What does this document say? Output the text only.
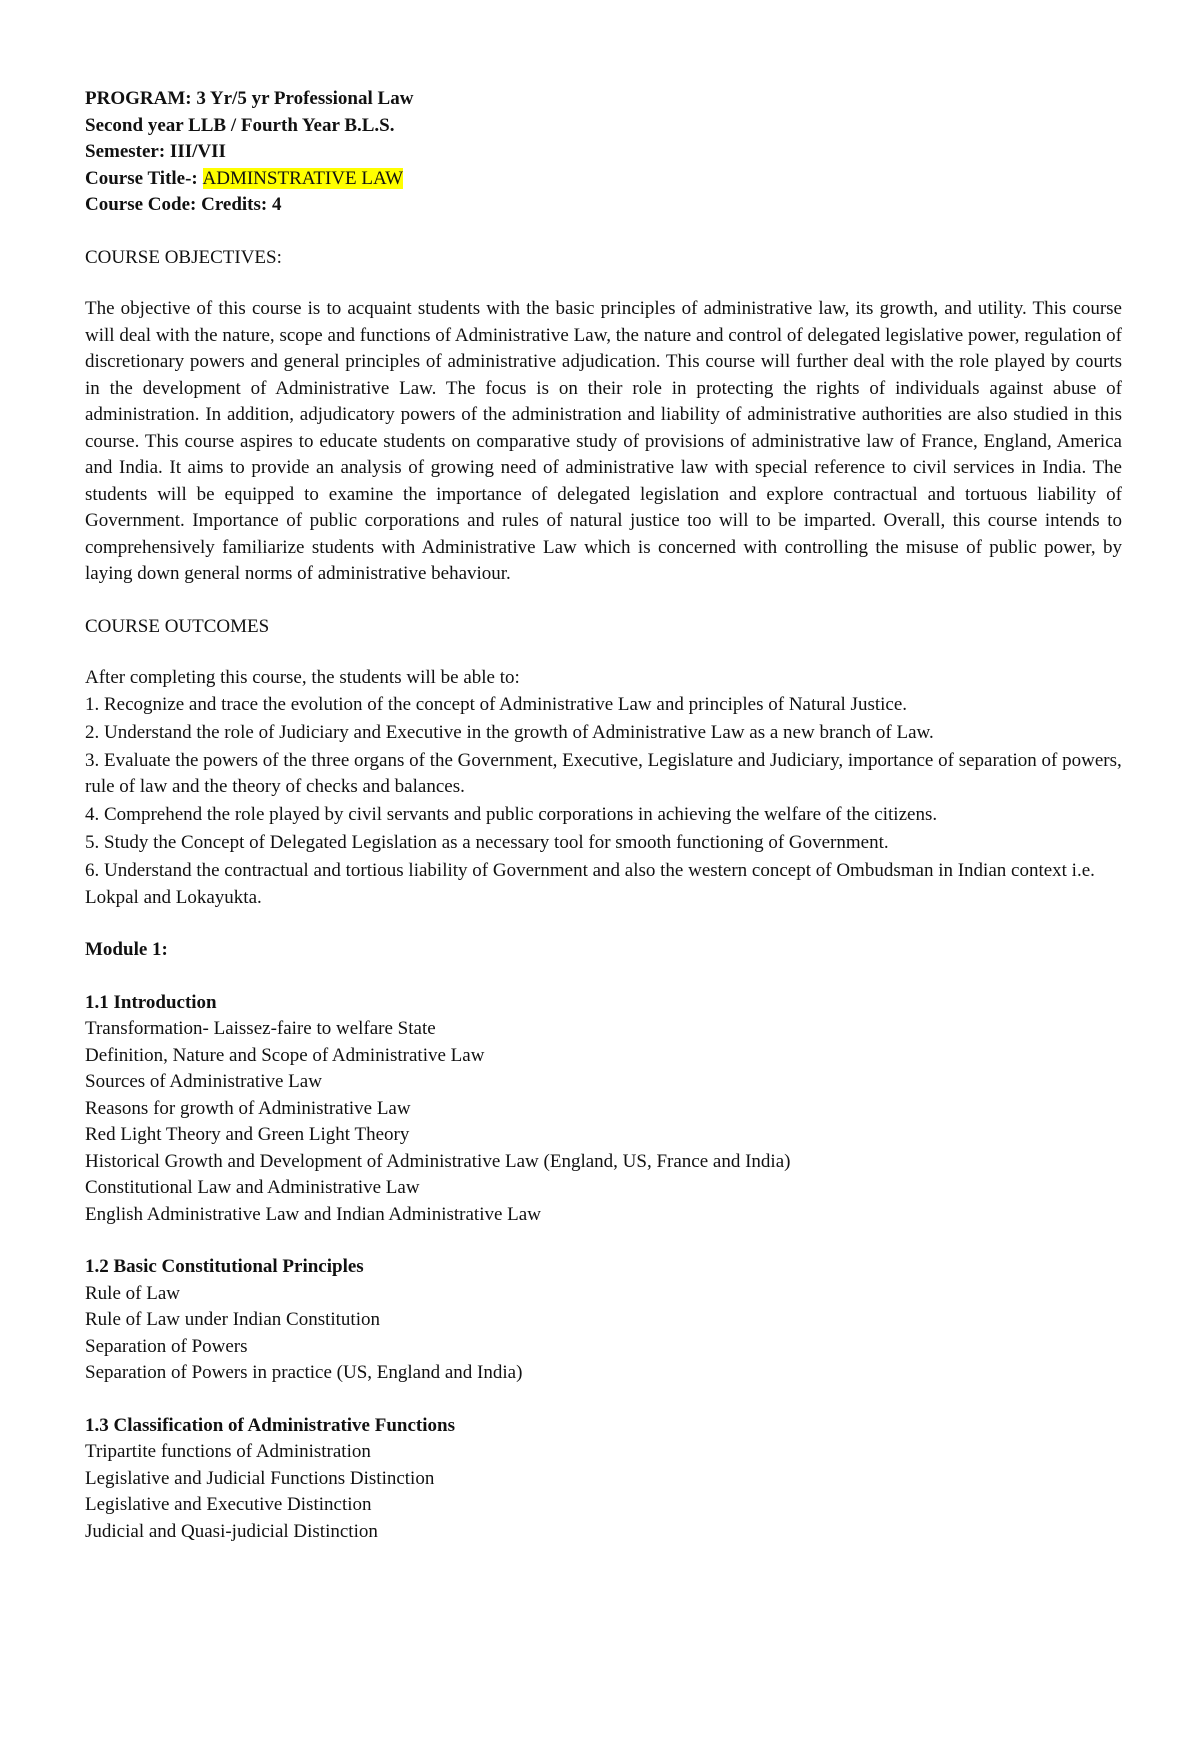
PROGRAM: 3 Yr/5 yr Professional Law

Second year LLB / Fourth Year B.L.S.

Semester: III/VII

Course Title-: ADMINSTRATIVE LAW

Course Code: Credits: 4

COURSE OBJECTIVES:

The objective of this course is to acquaint students with the basic principles of administrative law, its growth, and utility. This course will deal with the nature, scope and functions of Administrative Law, the nature and control of delegated legislative power, regulation of discretionary powers and general principles of administrative adjudication. This course will further deal with the role played by courts in the development of Administrative Law. The focus is on their role in protecting the rights of individuals against abuse of administration. In addition, adjudicatory powers of the administration and liability of administrative authorities are also studied in this course. This course aspires to educate students on comparative study of provisions of administrative law of France, England, America and India. It aims to provide an analysis of growing need of administrative law with special reference to civil services in India. The students will be equipped to examine the importance of delegated legislation and explore contractual and tortuous liability of Government. Importance of public corporations and rules of natural justice too will to be imparted. Overall, this course intends to comprehensively familiarize students with Administrative Law which is concerned with controlling the misuse of public power, by laying down general norms of administrative behaviour.

COURSE OUTCOMES

After completing this course, the students will be able to:

1. Recognize and trace the evolution of the concept of Administrative Law and principles of Natural Justice.
2. Understand the role of Judiciary and Executive in the growth of Administrative Law as a new branch of Law.
3. Evaluate the powers of the three organs of the Government, Executive, Legislature and Judiciary, importance of separation of powers, rule of law and the theory of checks and balances.
4. Comprehend the role played by civil servants and public corporations in achieving the welfare of the citizens.
5. Study the Concept of Delegated Legislation as a necessary tool for smooth functioning of Government.
6. Understand the contractual and tortious liability of Government and also the western concept of Ombudsman in Indian context i.e. Lokpal and Lokayukta.
Module 1:
1.1 Introduction
Transformation- Laissez-faire to welfare State
Definition, Nature and Scope of Administrative Law
Sources of Administrative Law
Reasons for growth of Administrative Law
Red Light Theory and Green Light Theory
Historical Growth and Development of Administrative Law (England, US, France and India)
Constitutional Law and Administrative Law
English Administrative Law and Indian Administrative Law
1.2 Basic Constitutional Principles
Rule of Law
Rule of Law under Indian Constitution
Separation of Powers
Separation of Powers in practice (US, England and India)
1.3 Classification of Administrative Functions
Tripartite functions of Administration
Legislative and Judicial Functions Distinction
Legislative and Executive Distinction
Judicial and Quasi-judicial Distinction
